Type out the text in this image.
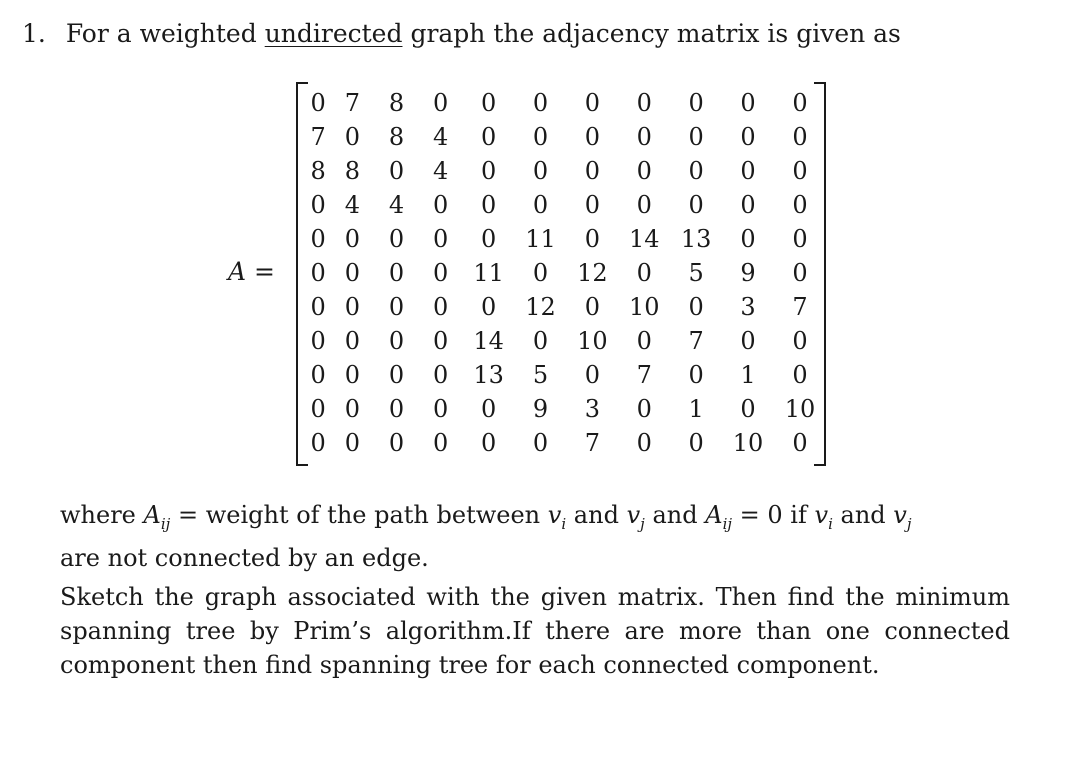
1. For a weighted undirected graph the adjacency matrix is given as
A =
0	7	8	0	0	0	0	0	0	0	0
7	0	8	4	0	0	0	0	0	0	0
8	8	0	4	0	0	0	0	0	0	0
0	4	4	0	0	0	0	0	0	0	0
0	0	0	0	0	11	0	14	13	0	0
0	0	0	0	11	0	12	0	5	9	0
0	0	0	0	0	12	0	10	0	3	7
0	0	0	0	14	0	10	0	7	0	0
0	0	0	0	13	5	0	7	0	1	0
0	0	0	0	0	9	3	0	1	0	10
0	0	0	0	0	0	7	0	0	10	0
where $A_{ij}$ = weight of the path between $v_i$ and $v_j$ and $A_{ij} = 0$ if $v_i$ and $v_j$
are not connected by an edge.
Sketch the graph associated with the given matrix. Then find the minimum spanning tree by Prim’s algorithm.If there are more than one connected component then find spanning tree for each connected component.
